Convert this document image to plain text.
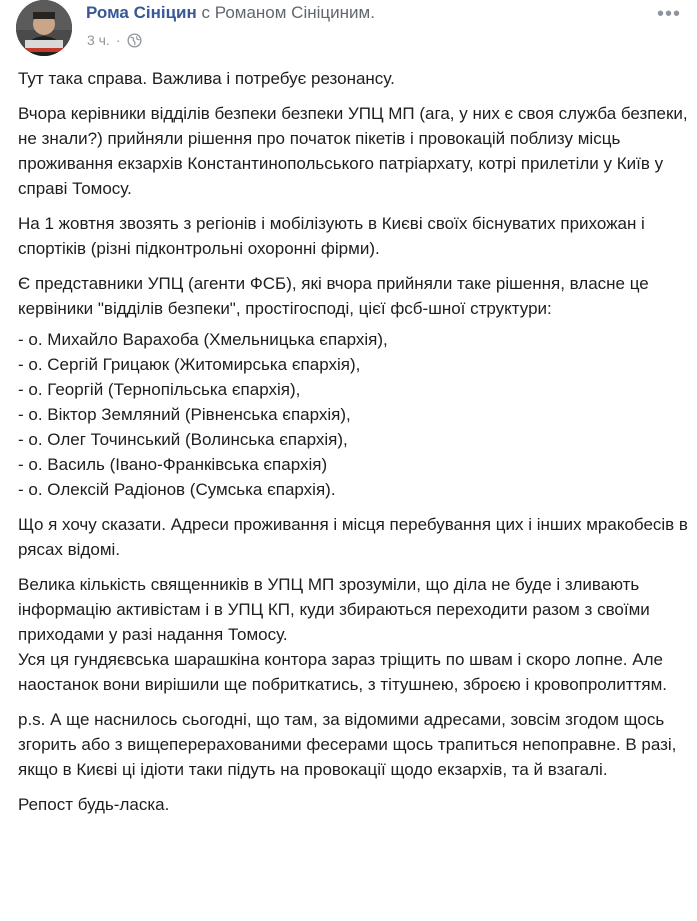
Рома Сініцин с Романом Сініциним.
3 ч. ·
•••

Тут така справа. Важлива і потребує резонансу.

Вчора керівники відділів безпеки безпеки УПЦ МП (ага, у них є своя служба безпеки, не знали?) прийняли рішення про початок пікетів і провокацій поблизу місць проживання екзархів Константинопольського патріархату, котрі прилетіли у Київ у справі Томосу.

На 1 жовтня звозять з регіонів і мобілізують в Києві своїх біснуватих прихожан і спортіків (різні підконтрольні охоронні фірми).

Є представники УПЦ (агенти ФСБ), які вчора прийняли таке рішення, власне це кервіники "відділів безпеки", простігосподі, цієї фсб-шної структури:

- о. Михайло Варахоба (Хмельницька єпархія),
- о. Сергій Грицаюк (Житомирська єпархія),
- о. Георгій (Тернопільська єпархія),
- о. Віктор Земляний (Рівненська єпархія),
- о. Олег Точинський (Волинська єпархія),
- о. Василь (Івано-Франківська єпархія)
- о. Олексій Радіонов (Сумська єпархія).

Що я хочу сказати. Адреси проживання і місця перебування цих і інших мракобесів в рясах відомі.

Велика кількість священників в УПЦ МП зрозуміли, що діла не буде і зливають інформацію активістам і в УПЦ КП, куди збираються переходити разом з своїми приходами у разі надання Томосу.

Уся ця гундяєвська шарашкіна контора зараз тріщить по швам і скоро лопне. Але наостанок вони вирішили ще побриткатись, з тітушнею, зброєю і кровопролиттям.

p.s. А ще наснилось сьогодні, що там, за відомими адресами, зовсім згодом щось згорить або з вищеперерахованими фесерами щось трапиться непоправне. В разі, якщо в Києві ці ідіоти таки підуть на провокації щодо екзархів, та й взагалі.

Репост будь-ласка.
